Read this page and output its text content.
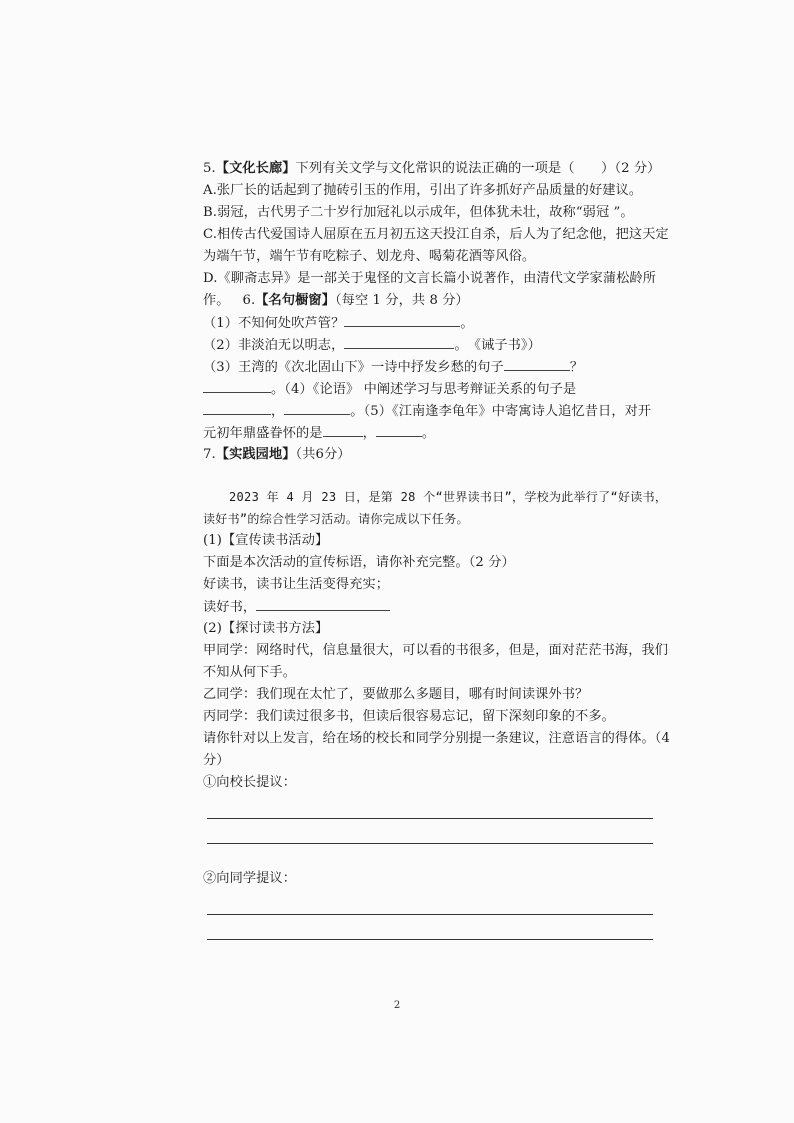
5.【文化长廊】下列有关文学与文化常识的说法正确的一项是（　　）（2 分）
A.张厂长的话起到了抛砖引玉的作用，引出了许多抓好产品质量的好建议。
B.弱冠，古代男子二十岁行加冠礼以示成年，但体犹未壮，故称“弱冠 ”。
C.相传古代爱国诗人屈原在五月初五这天投江自杀，后人为了纪念他，把这天定
为端午节，端午节有吃粽子、划龙舟、喝菊花酒等风俗。
D.《聊斋志异》是一部关于鬼怪的文言长篇小说著作，由清代文学家蒲松龄所
作。 6.【名句橱窗】（每空 1 分，共 8 分）
（1）不知何处吹芦管？	。
（2）非淡泊无以明志，	。　《诫子书》）
（3）王湾的《次北固山下》一诗中抒发乡愁的句子	？
。（4）《论语》 中阐述学习与思考辩证关系的句子是
，	。（5）《江南逢李龟年》中寄寓诗人追忆昔日，对开
元初年鼎盛眷怀的是	，	。
7.【实践园地】（共6分）
2023 年 4 月 23 日，是第 28 个“世界读书日”，学校为此举行了“好读书，
读好书”的综合性学习活动。请你完成以下任务。
(1)【宣传读书活动】
下面是本次活动的宣传标语，请你补充完整。（2 分）
好读书，读书让生活变得充实；
读好书，
(2)【探讨读书方法】
甲同学：网络时代，信息量很大，可以看的书很多，但是，面对茫茫书海，我们
不知从何下手。
乙同学：我们现在太忙了，要做那么多题目，哪有时间读课外书？
丙同学：我们读过很多书，但读后很容易忘记，留下深刻印象的不多。
请你针对以上发言，给在场的校长和同学分别提一条建议，注意语言的得体。（4
分）
①向校长提议：
②向同学提议：
2
